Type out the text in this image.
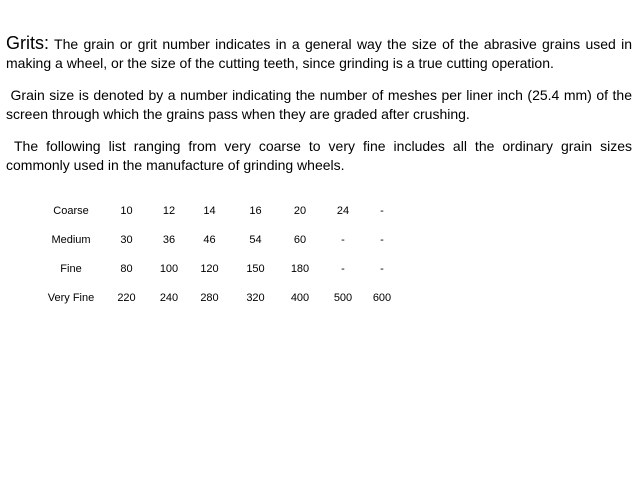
Grits: The grain or grit number indicates in a general way the size of the abrasive grains used in making a wheel, or the size of the cutting teeth, since grinding is a true cutting operation.

Grain size is denoted by a number indicating the number of meshes per liner inch (25.4 mm) of the screen through which the grains pass when they are graded after crushing.

The following list ranging from very coarse to very fine includes all the ordinary grain sizes commonly used in the manufacture of grinding wheels.

Coarse	10	12	14	16	20	24	-
Medium	30	36	46	54	60	-	-
Fine	80	100	120	150	180	-	-
Very Fine	220	240	280	320	400	500	600
